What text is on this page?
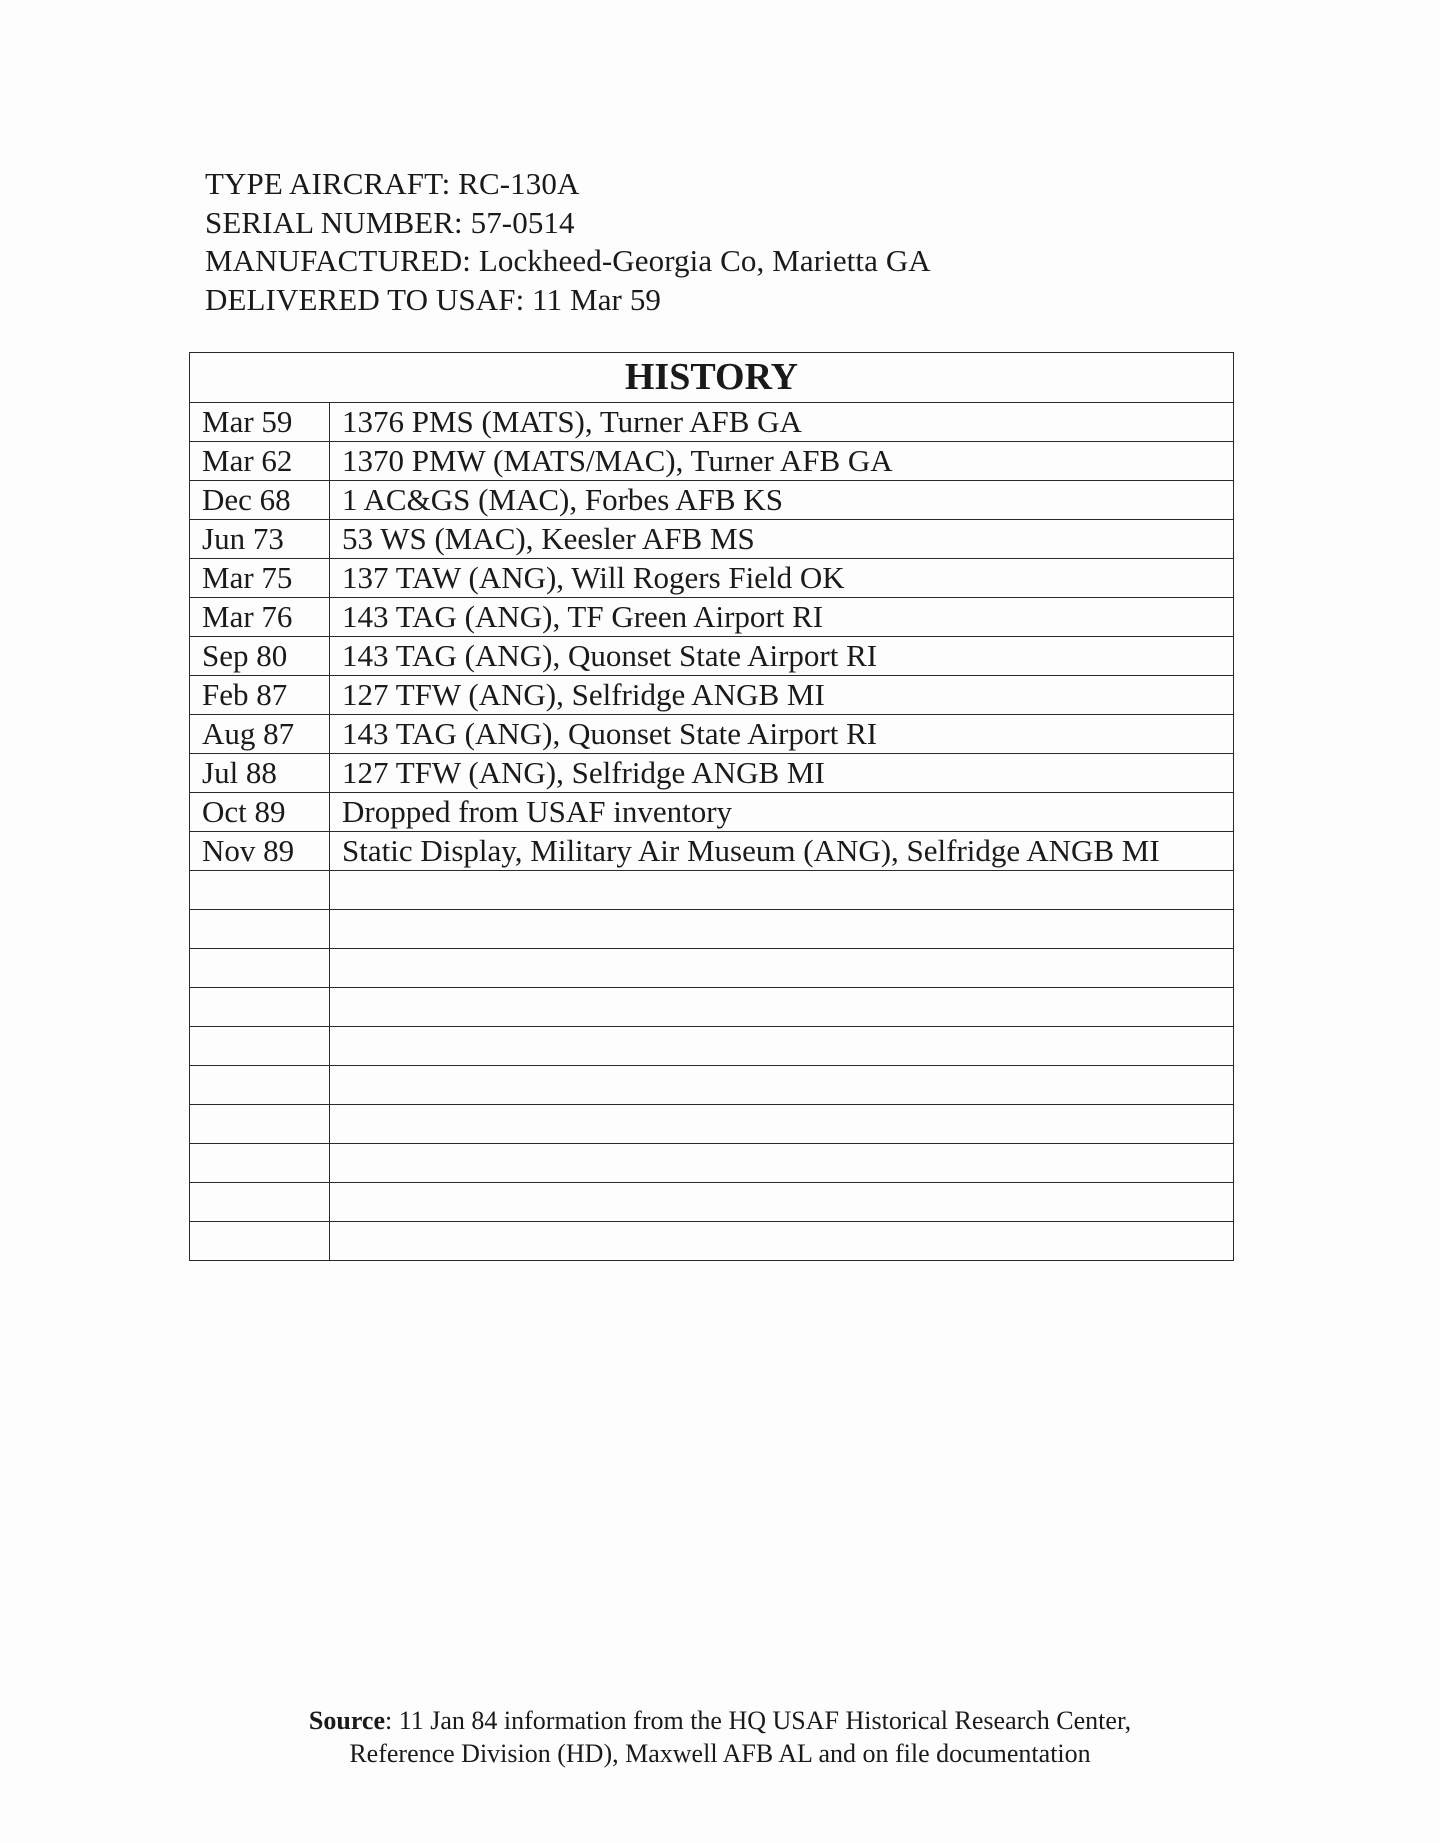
TYPE AIRCRAFT: RC-130A
SERIAL NUMBER: 57-0514
MANUFACTURED: Lockheed-Georgia Co, Marietta GA
DELIVERED TO USAF: 11 Mar 59
HISTORY	
Mar 59	1376 PMS (MATS), Turner AFB GA
Mar 62	1370 PMW (MATS/MAC), Turner AFB GA
Dec 68	1 AC&GS (MAC), Forbes AFB KS
Jun 73	53 WS (MAC), Keesler AFB MS
Mar 75	137 TAW (ANG), Will Rogers Field OK
Mar 76	143 TAG (ANG), TF Green Airport RI
Sep 80	143 TAG (ANG), Quonset State Airport RI
Feb 87	127 TFW (ANG), Selfridge ANGB MI
Aug 87	143 TAG (ANG), Quonset State Airport RI
Jul 88	127 TFW (ANG), Selfridge ANGB MI
Oct 89	Dropped from USAF inventory
Nov 89	Static Display, Military Air Museum (ANG), Selfridge ANGB MI

Source: 11 Jan 84 information from the HQ USAF Historical Research Center,
Reference Division (HD), Maxwell AFB AL and on file documentation
